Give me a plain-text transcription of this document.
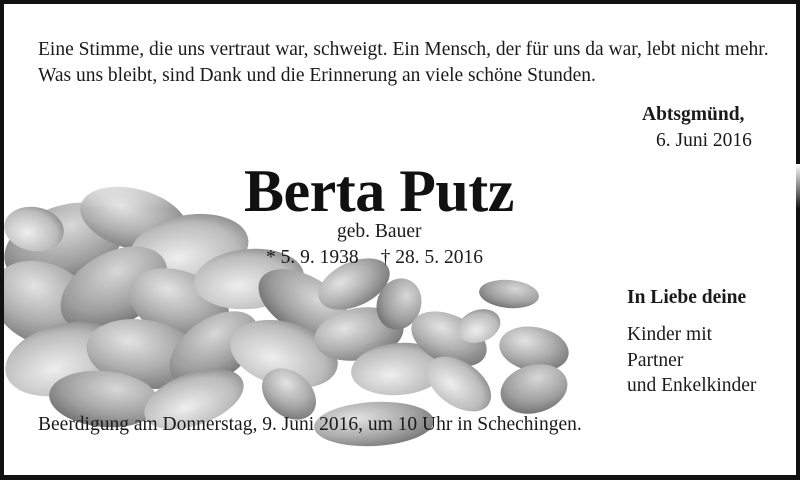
Eine Stimme, die uns vertraut war, schweigt. Ein Mensch, der für uns da war, lebt nicht mehr. Was uns bleibt, sind Dank und die Erinnerung an viele schöne Stunden.
Abtsgmünd,
6. Juni 2016
Berta Putz
geb. Bauer
* 5. 9. 1938 † 28. 5. 2016
In Liebe deine
Kinder mit
Partner
und Enkelkinder
Beerdigung am Donnerstag, 9. Juni 2016, um 10 Uhr in Schechingen.
